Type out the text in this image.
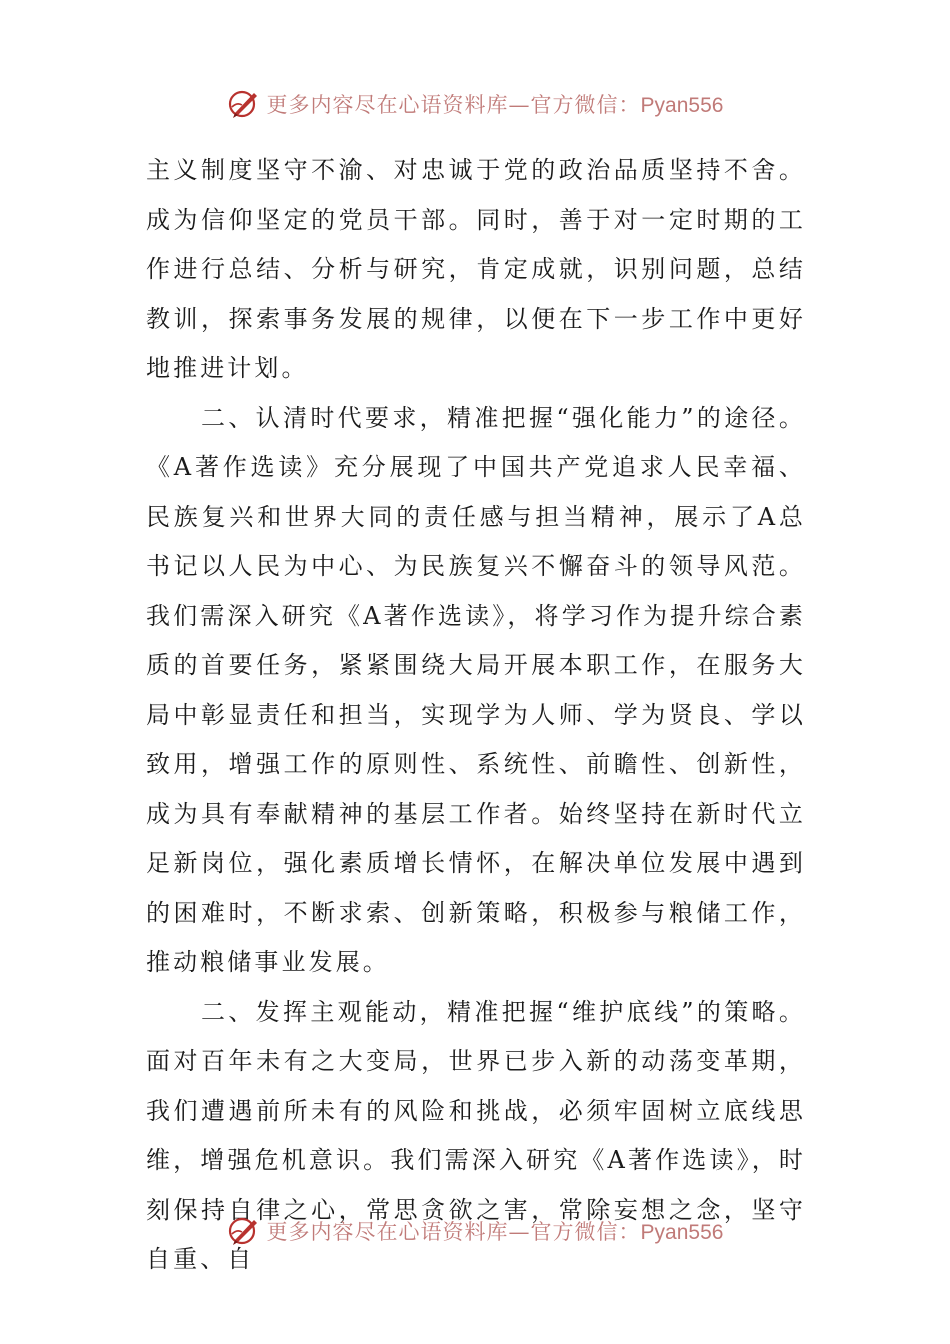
更多内容尽在心语资料库—官方微信：Pyan556

主义制度坚守不渝、对忠诚于党的政治品质坚持不舍。成为信仰坚定的党员干部。同时，善于对一定时期的工作进行总结、分析与研究，肯定成就，识别问题，总结教训，探索事务发展的规律，以便在下一步工作中更好地推进计划。

二、认清时代要求，精准把握“强化能力”的途径。《A著作选读》充分展现了中国共产党追求人民幸福、民族复兴和世界大同的责任感与担当精神，展示了A总书记以人民为中心、为民族复兴不懈奋斗的领导风范。我们需深入研究《A著作选读》，将学习作为提升综合素质的首要任务，紧紧围绕大局开展本职工作，在服务大局中彰显责任和担当，实现学为人师、学为贤良、学以致用，增强工作的原则性、系统性、前瞻性、创新性，成为具有奉献精神的基层工作者。始终坚持在新时代立足新岗位，强化素质增长情怀，在解决单位发展中遇到的困难时，不断求索、创新策略，积极参与粮储工作，推动粮储事业发展。

二、发挥主观能动，精准把握“维护底线”的策略。面对百年未有之大变局，世界已步入新的动荡变革期，我们遭遇前所未有的风险和挑战，必须牢固树立底线思维，增强危机意识。我们需深入研究《A著作选读》，时刻保持自律之心，常思贪欲之害，常除妄想之念，坚守自重、自

更多内容尽在心语资料库—官方微信：Pyan556
